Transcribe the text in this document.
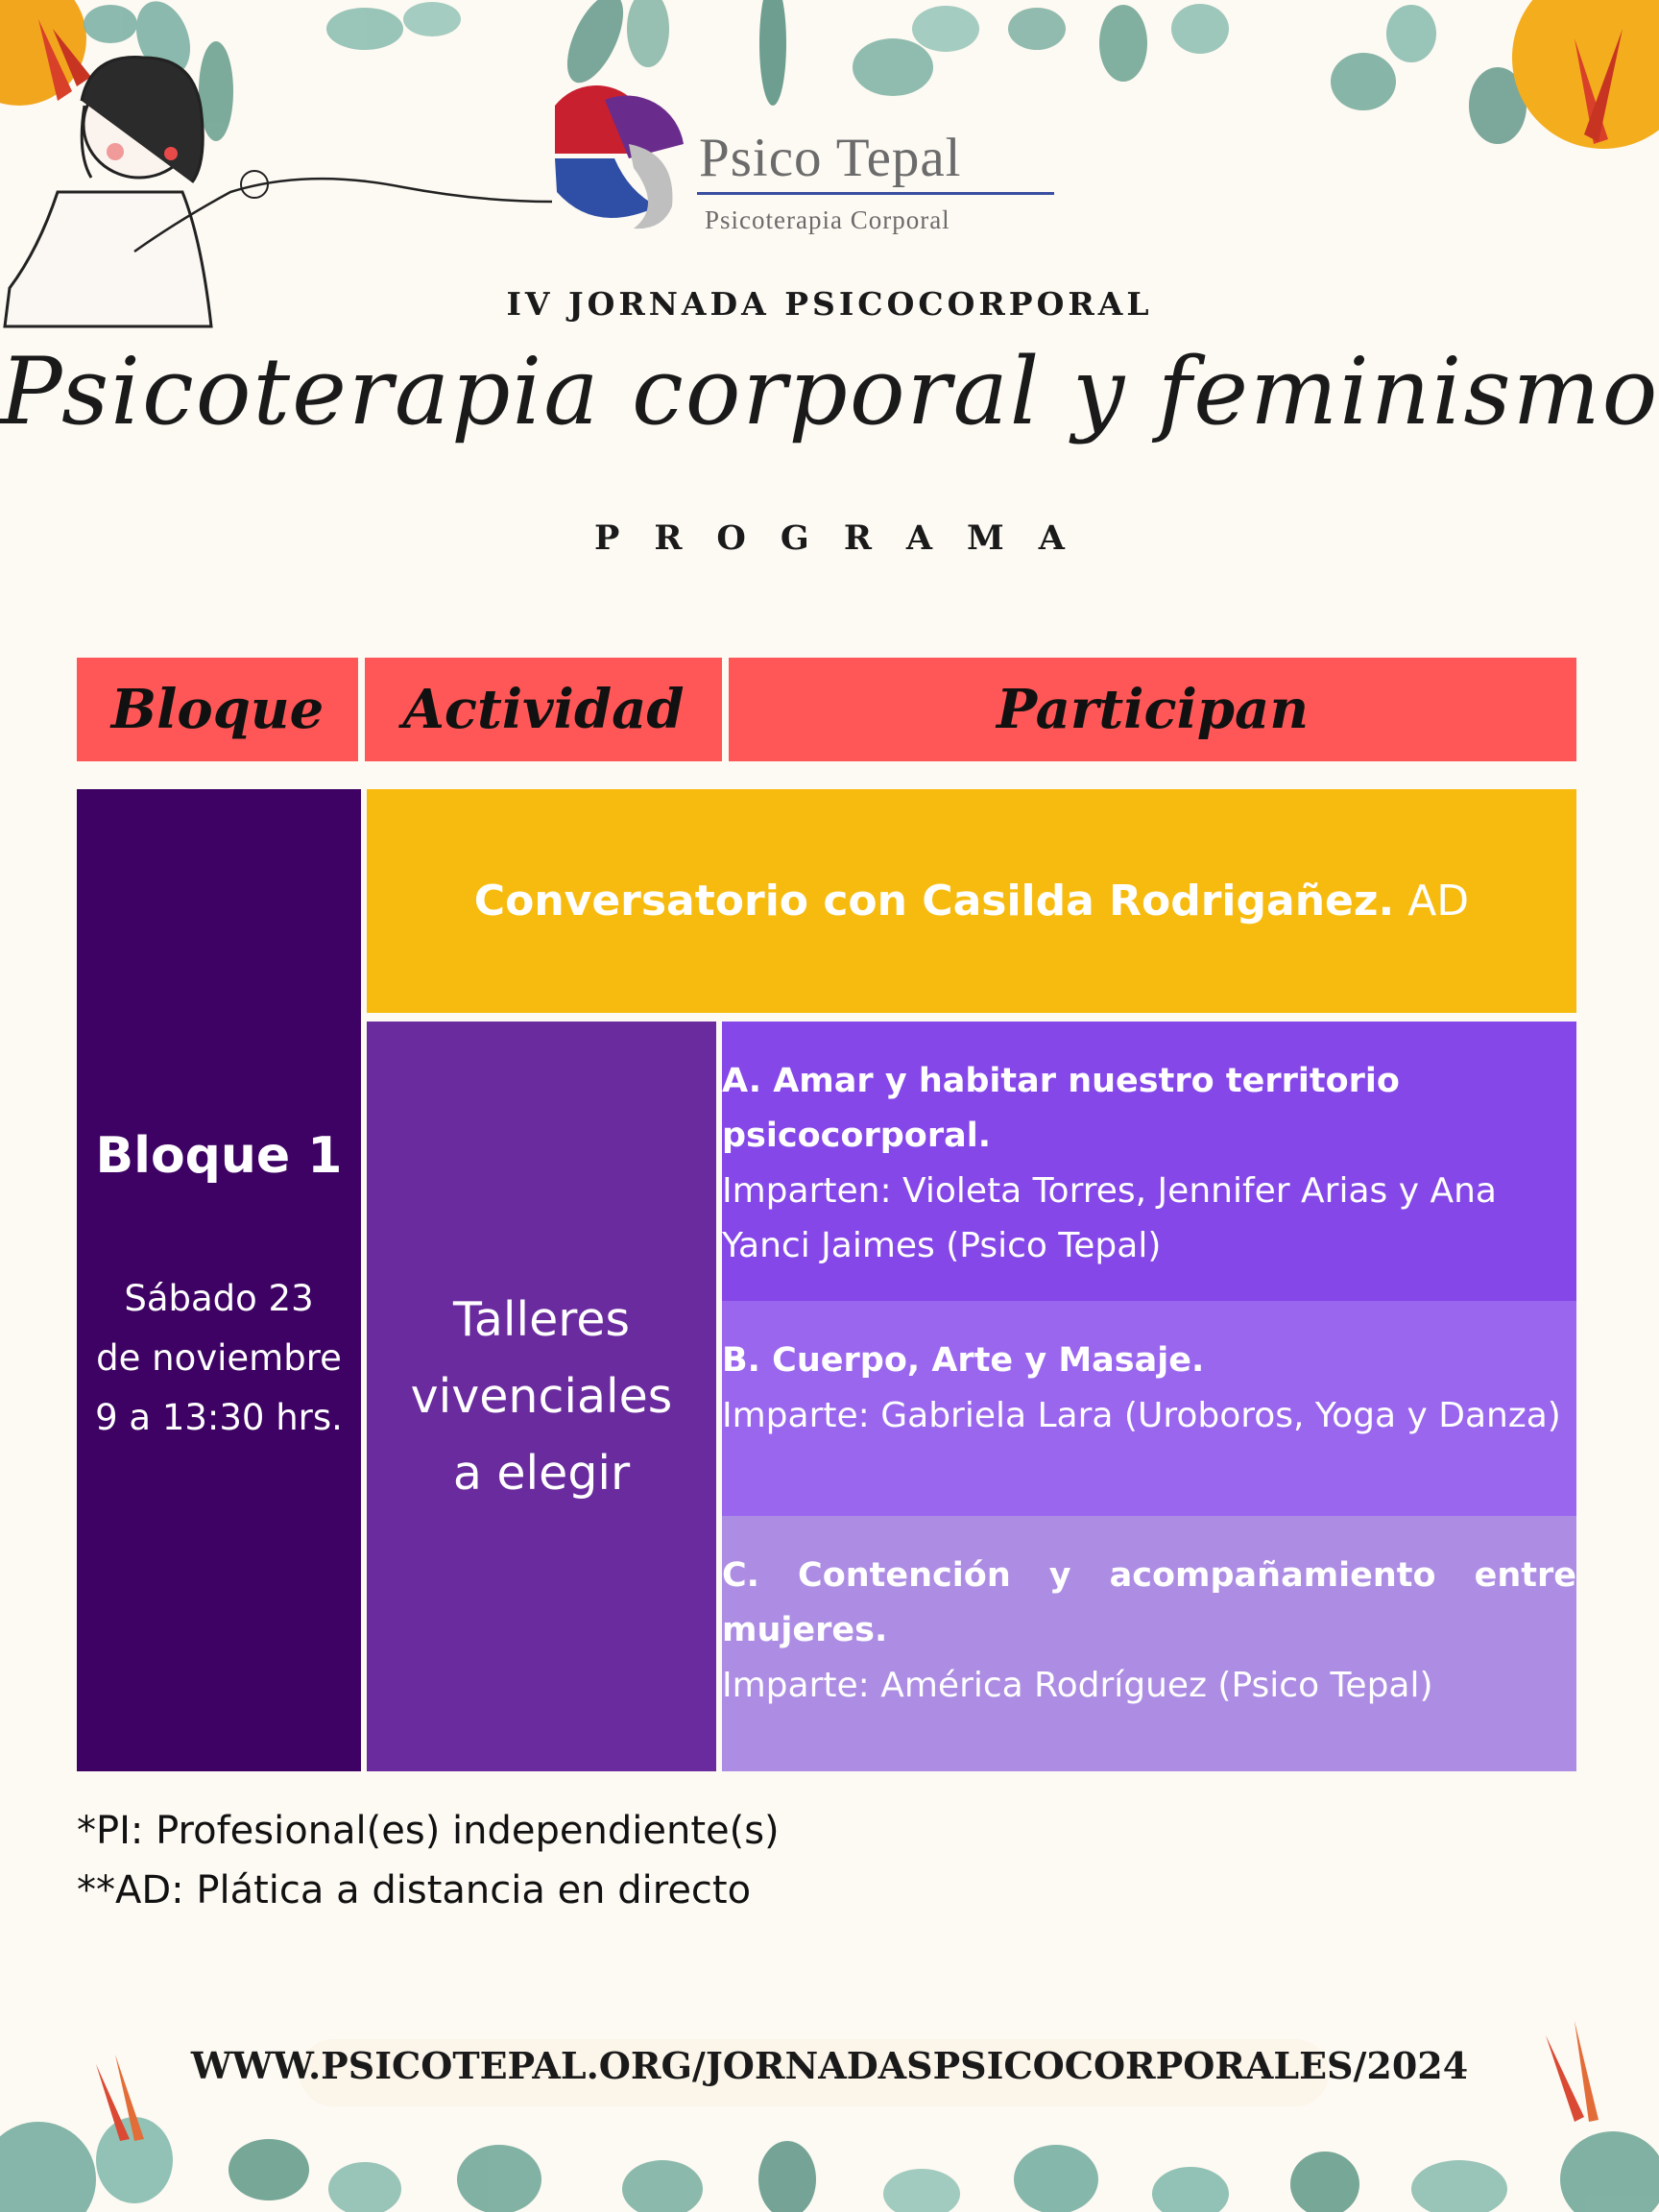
Psico Tepal
Psicoterapia Corporal
IV JORNADA PSICOCORPORAL
Psicoterapia corporal y feminismo
PROGRAMA
Bloque	Actividad	Participan
Bloque 1
Sábado 23
de noviembre
9 a 13:30 hrs.
Conversatorio con Casilda Rodrigañez.
AD
Talleres
vivenciales
a elegir
A. Amar y habitar nuestro territorio psicocorporal.
Imparten: Violeta Torres, Jennifer Arias y Ana Yanci Jaimes (Psico Tepal)
B. Cuerpo, Arte y Masaje.
Imparte: Gabriela Lara (Uroboros, Yoga y Danza)
C. Contención y acompañamiento entre mujeres.
Imparte: América Rodríguez (Psico Tepal)
*PI: Profesional(es) independiente(s)
**AD: Plática a distancia en directo
WWW.PSICOTEPAL.ORG/JORNADASPSICOCORPORALES/2024
